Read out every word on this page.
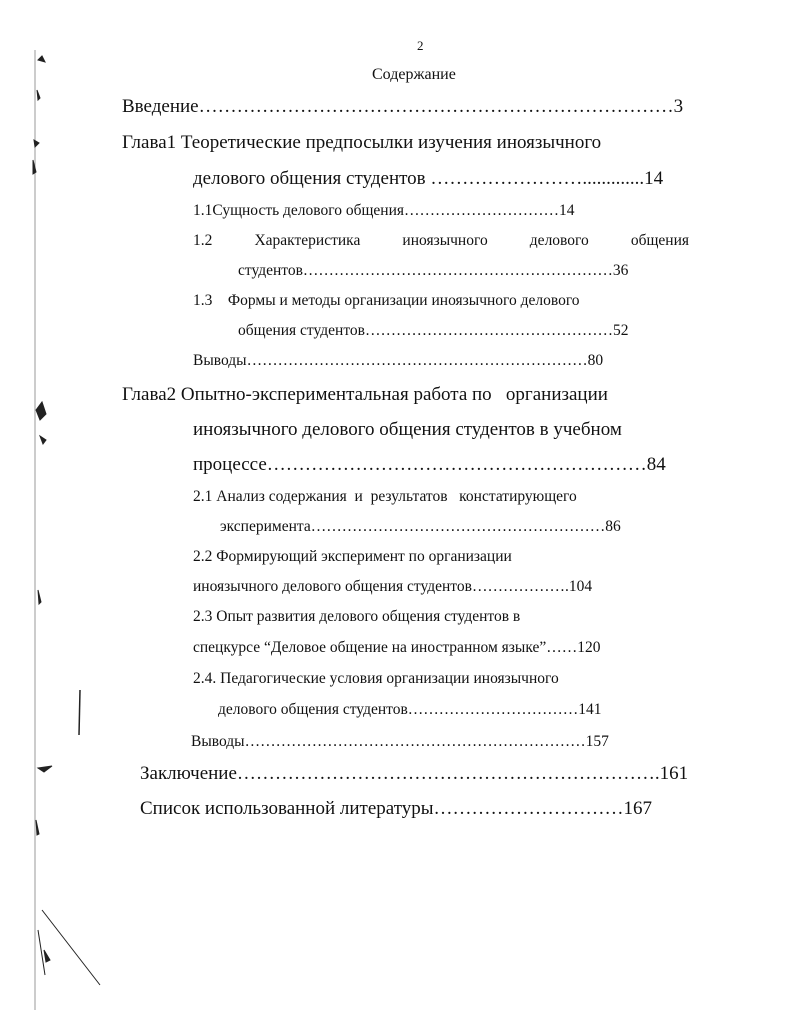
2
Содержание
Введение…………………………………………………………………3
Глава1 Теоретические предпосылки изучения иноязычного
делового общения студентов …………………….............14
1.1Сущность делового общения…………………………14
1.2	Характеристика	иноязычного	делового	общения
студентов……………………………………………………36
1.3    Формы и методы организации иноязычного делового
общения студентов…………………………………………52
Выводы…………………………………………………………80
Глава2 Опытно-экспериментальная работа по   организации
иноязычного делового общения студентов в учебном
процессе……………………………………………………84
2.1 Анализ содержания  и  результатов   констатирующего
эксперимента…………………………………………………86
2.2 Формирующий эксперимент по организации
иноязычного делового общения студентов……………….104
2.3 Опыт развития делового общения студентов в
спецкурсе “Деловое общение на иностранном языке”……120
2.4. Педагогические условия организации иноязычного
делового общения студентов……………………………141
Выводы…………………………………………………………157
Заключение………………………………………………………….161
Список использованной литературы…………………………167
